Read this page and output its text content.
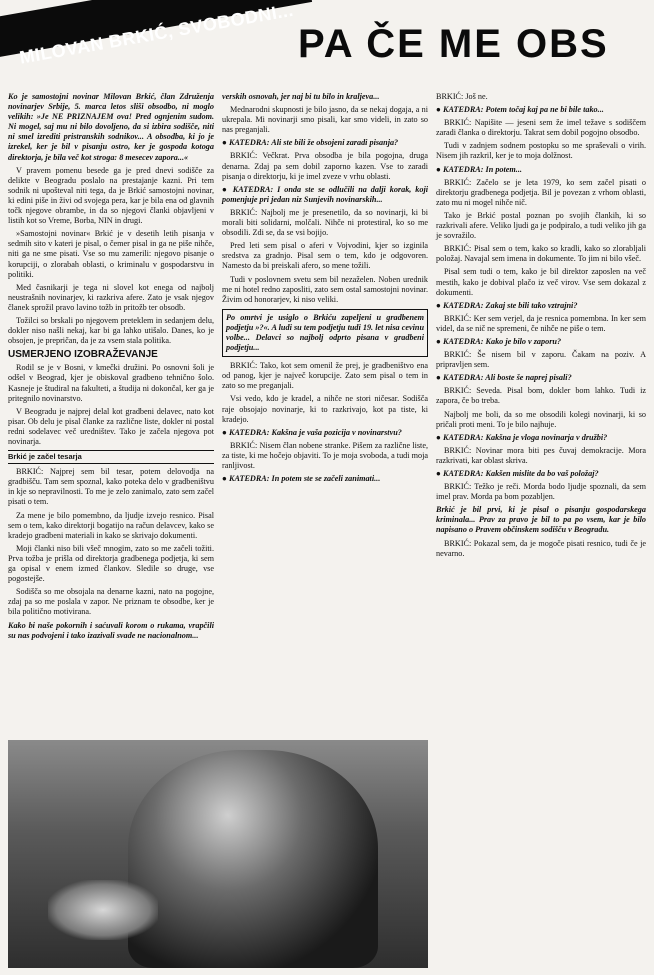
MILOVAN BRKIĆ, SVOBODNI... PA ČE ME OBS

Ko je samostojni novinar Milovan Brkić, član Združenja novinarjev Srbije, 5. marca letos sliši obsodbo, ni moglo velikih: »Je NE PRIZNAJEM ova! Pred ognjenim sudom. Ni mogel, saj mu ni bilo dovoljeno, da si izbira sodišče, niti ni smel izrediti pristranskih sodnikov... A obsodba, ki jo je izrekel, ker je bil v pisanju ostro, ker je gospoda kotoga direktorja, je bila več kot stroga: 8 mesecev zapora...«

V pravem pomenu besede ga je pred dnevi sodišče za delikte v Beogradu poslalo na prestajanje kazni. Pri tem sodnik ni upošteval niti tega, da je Brkić samostojni novinar, ki edini piše in živi od svojega pera, kar je bila ena od glavnih točk njegove obrambe, in da so njegovi članki objavljeni v listih kot so Vreme, Borba, NIN in drugi.

»Samostojni novinar« Brkić je v desetih letih pisanja v sedmih sito v kateri je pisal, o čemer pisal in ga ne piše nihče, niti ga ne sme pisati. Vse so mu zamerili: njegovo pisanje o korupciji, o zlorabah oblasti, o kriminalu v gospodarstvu in politiki.

Med časnikarji je tega ni slovel kot enega od najbolj neustrašnih novinarjev, ki razkriva afere. Zato je vsak njegov članek sprožil pravo lavino tožb in pritožb ter obsodb.

Tožilci so brskali po njegovem preteklem in sedanjem delu, dokler niso našli nekaj, kar bi ga lahko utišalo. Danes, ko je obsojen, je prepričan, da je za vsem stala politika.

USMERJENO IZOBRAŽEVANJE

Rodil se je v Bosni, v kmečki družini. Po osnovni šoli je odšel v Beograd, kjer je obiskoval gradbeno tehnično šolo. Kasneje je študiral na fakulteti, a študija ni dokončal, ker ga je pritegnilo novinarstvo.

V Beogradu je najprej delal kot gradbeni delavec, nato kot pisar. Ob delu je pisal članke za različne liste, dokler ni postal redni sodelavec več uredništev. Tako je začela njegova pot novinarja.

Brkić je začel tesarja

BRKIĆ: Najprej sem bil tesar, potem delovodja na gradbišču. Tam sem spoznal, kako poteka delo v gradbeništvu in kje so nepravilnosti. To me je zelo zanimalo, zato sem začel pisati o tem.

Za mene je bilo pomembno, da ljudje izvejo resnico. Pisal sem o tem, kako direktorji bogatijo na račun delavcev, kako se kradejo gradbeni materiali in kako se skrivajo dokumenti.

Moji članki niso bili všeč mnogim, zato so me začeli tožiti. Prva tožba je prišla od direktorja gradbenega podjetja, ki sem ga opisal v enem izmed člankov. Sledile so druge, vse pogostejše.

Sodišča so me obsojala na denarne kazni, nato na pogojne, zdaj pa so me poslala v zapor. Ne priznam te obsodbe, ker je bila politično motivirana.

Kako bi naše pokornih i saćuvali korom o rukama, vrapčili su nas podvojeni i tako izazivali svade ne nacionalnom...

verskih osnovah, jer naj bi tu bilo in kraljeva...

Mednarodni skupnosti je bilo jasno, da se nekaj dogaja, a ni ukrepala. Mi novinarji smo pisali, kar smo videli, in zato so nas preganjali.

● KATEDRA: Ali ste bili že obsojeni zaradi pisanja?

BRKIĆ: Večkrat. Prva obsodba je bila pogojna, druga denarna. Zdaj pa sem dobil zaporno kazen. Vse to zaradi pisanja o direktorju, ki je imel zveze v vrhu oblasti.

● KATEDRA: I onda ste se odlučili na dalji korak, koji pomenjuje pri jedan niz Sunjevih novinarskih...

BRKIĆ: Najbolj me je presenetilo, da so novinarji, ki bi morali biti solidarni, molčali. Nihče ni protestiral, ko so me obsodili. Zdi se, da se vsi bojijo.

Pred leti sem pisal o aferi v Vojvodini, kjer so izginila sredstva za gradnjo. Pisal sem o tem, kdo je odgovoren. Namesto da bi preiskali afero, so mene tožili.

Tudi v poslovnem svetu sem bil nezaželen. Noben urednik me ni hotel redno zaposliti, zato sem ostal samostojni novinar. Živim od honorarjev, ki niso veliki.

Po omrtvi je usiglo o Brkiću zapeljeni u gradbenem podjetju »?«. A ludi su tem podjetju tudi 19. let nisa cevinu volbe... Delavci so najbolj odprto pisana v gradbeni podjetju...

BRKIĆ: Tako, kot sem omenil že prej, je gradbeništvo ena od panog, kjer je največ korupcije. Zato sem pisal o tem in zato so me preganjali.

Vsi vedo, kdo je kradel, a nihče ne stori ničesar. Sodišča raje obsojajo novinarje, ki to razkrivajo, kot pa tiste, ki kradejo.

● KATEDRA: Kakšna je vaša pozicija v novinarstvu?

BRKIĆ: Nisem član nobene stranke. Pišem za različne liste, za tiste, ki me hočejo objaviti. To je moja svoboda, a tudi moja ranljivost.

● KATEDRA: In potem ste se začeli zanimati...

BRKIĆ: Još ne.

● KATEDRA: Potem točaj kaj pa ne bi bile tako...

BRKIĆ: Napišite — jeseni sem že imel težave s sodiščem zaradi članka o direktorju. Takrat sem dobil pogojno obsodbo.

Tudi v zadnjem sodnem postopku so me spraševali o virih. Nisem jih razkril, ker je to moja dolžnost.

● KATEDRA: In potem...

BRKIĆ: Začelo se je leta 1979, ko sem začel pisati o direktorju gradbenega podjetja. Bil je povezan z vrhom oblasti, zato mu ni mogel nihče nič.

Tako je Brkić postal poznan po svojih člankih, ki so razkrivali afere. Veliko ljudi ga je podpiralo, a tudi veliko jih ga je sovražilo.

BRKIĆ: Pisal sem o tem, kako so kradli, kako so zlorabljali položaj. Navajal sem imena in dokumente. To jim ni bilo všeč.

Pisal sem tudi o tem, kako je bil direktor zaposlen na več mestih, kako je dobival plačo iz več virov. Vse sem dokazal z dokumenti.

● KATEDRA: Zakaj ste bili tako vztrajni?

BRKIĆ: Ker sem verjel, da je resnica pomembna. In ker sem videl, da se nič ne spremeni, če nihče ne piše o tem.

● KATEDRA: Kako je bilo v zaporu?

BRKIĆ: Še nisem bil v zaporu. Čakam na poziv. A pripravljen sem.

● KATEDRA: Ali boste še naprej pisali?

BRKIĆ: Seveda. Pisal bom, dokler bom lahko. Tudi iz zapora, če bo treba.

Najbolj me boli, da so me obsodili kolegi novinarji, ki so pričali proti meni. To je bilo najhuje.

● KATEDRA: Kakšna je vloga novinarja v družbi?

BRKIĆ: Novinar mora biti pes čuvaj demokracije. Mora razkrivati, kar oblast skriva.

● KATEDRA: Kakšen mislite da bo vaš položaj?

BRKIĆ: Težko je reči. Morda bodo ljudje spoznali, da sem imel prav. Morda pa bom pozabljen.

Brkić je bil prvi, ki je pisal o pisanju gospodarskega kriminala... Prav za pravo je bil to pa po vsem, kar je bilo napisano o Pravem občinskem sodišču v Beogradu.

BRKIĆ: Pokazal sem, da je mogoče pisati resnico, tudi če je nevarno.
